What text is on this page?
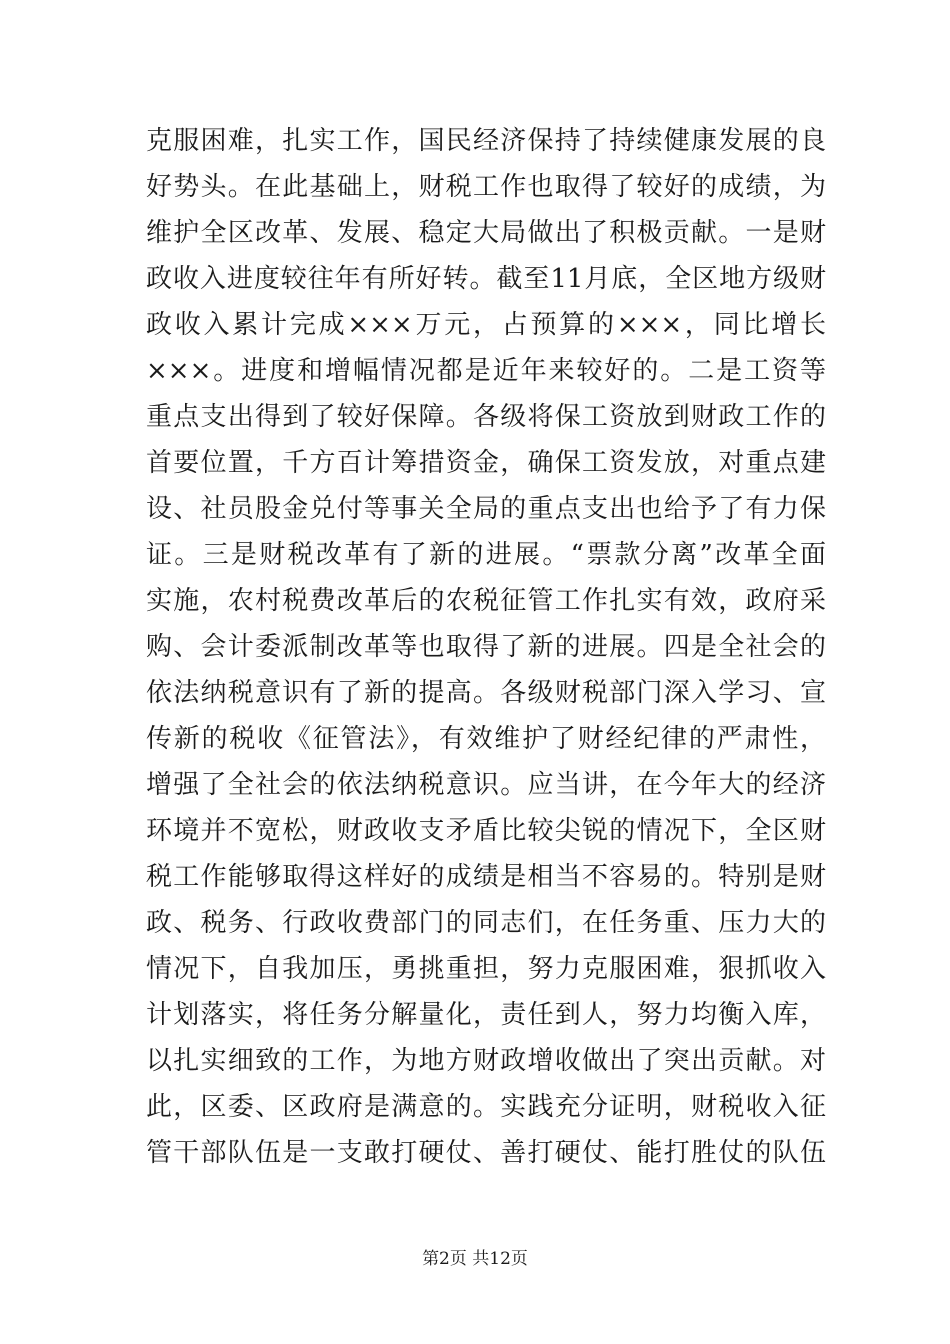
克服困难，扎实工作，国民经济保持了持续健康发展的良
好势头。在此基础上，财税工作也取得了较好的成绩，为
维护全区改革、发展、稳定大局做出了积极贡献。一是财
政收入进度较往年有所好转。截至11月底，全区地方级财
政收入累计完成×××万元，占预算的×××，同比增长
×××。进度和增幅情况都是近年来较好的。二是工资等
重点支出得到了较好保障。各级将保工资放到财政工作的
首要位置，千方百计筹措资金，确保工资发放，对重点建
设、社员股金兑付等事关全局的重点支出也给予了有力保
证。三是财税改革有了新的进展。“票款分离”改革全面
实施，农村税费改革后的农税征管工作扎实有效，政府采
购、会计委派制改革等也取得了新的进展。四是全社会的
依法纳税意识有了新的提高。各级财税部门深入学习、宣
传新的税收《征管法》，有效维护了财经纪律的严肃性，
增强了全社会的依法纳税意识。应当讲，在今年大的经济
环境并不宽松，财政收支矛盾比较尖锐的情况下，全区财
税工作能够取得这样好的成绩是相当不容易的。特别是财
政、税务、行政收费部门的同志们，在任务重、压力大的
情况下，自我加压，勇挑重担，努力克服困难，狠抓收入
计划落实，将任务分解量化，责任到人，努力均衡入库，
以扎实细致的工作，为地方财政增收做出了突出贡献。对
此，区委、区政府是满意的。实践充分证明，财税收入征
管干部队伍是一支敢打硬仗、善打硬仗、能打胜仗的队伍
第2页 共12页
